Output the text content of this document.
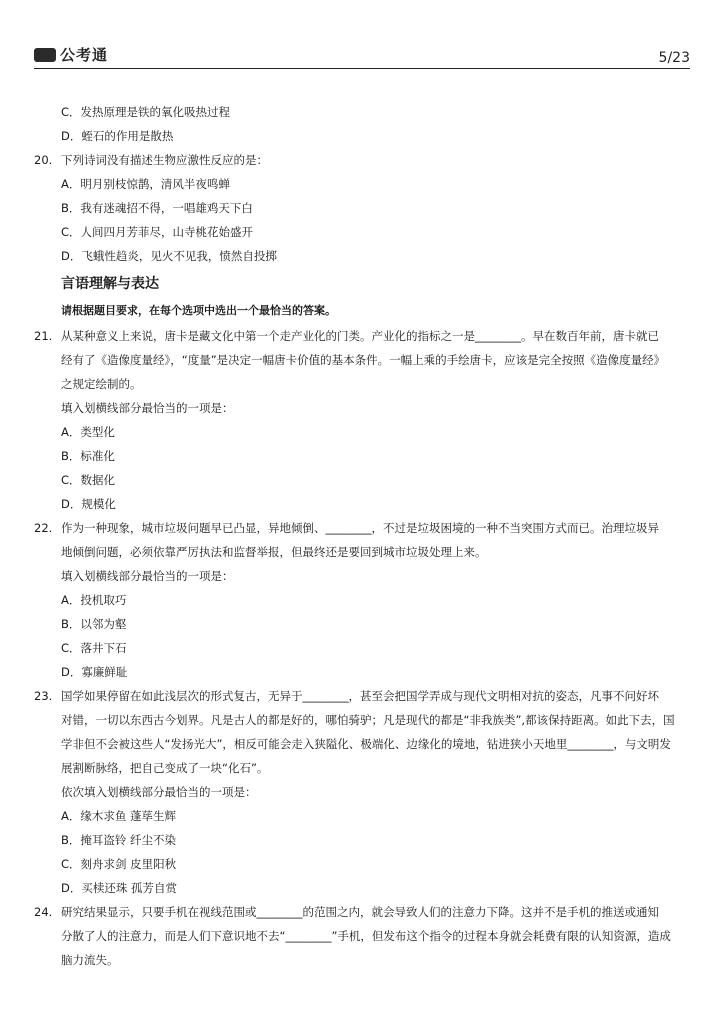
公考通	5/23
C．发热原理是铁的氧化吸热过程
D．蛭石的作用是散热
20. 下列诗词没有描述生物应激性反应的是：
A．明月别枝惊鹊，清风半夜鸣蝉
B．我有迷魂招不得，一唱雄鸡天下白
C．人间四月芳菲尽，山寺桃花始盛开
D．飞蛾性趋炎，见火不见我，愤然自投掷
言语理解与表达
请根据题目要求，在每个选项中选出一个最恰当的答案。
21. 从某种意义上来说，唐卡是藏文化中第一个走产业化的门类。产业化的指标之一是________。早在数百年前，唐卡就已
经有了《造像度量经》，“度量”是决定一幅唐卡价值的基本条件。一幅上乘的手绘唐卡，应该是完全按照《造像度量经》
之规定绘制的。
填入划横线部分最恰当的一项是：
A．类型化
B．标准化
C．数据化
D．规模化
22. 作为一种现象，城市垃圾问题早已凸显，异地倾倒、________，不过是垃圾困境的一种不当突围方式而已。治理垃圾异
地倾倒问题，必须依靠严厉执法和监督举报，但最终还是要回到城市垃圾处理上来。
填入划横线部分最恰当的一项是：
A．投机取巧
B．以邻为壑
C．落井下石
D．寡廉鲜耻
23. 国学如果停留在如此浅层次的形式复古，无异于________，甚至会把国学弄成与现代文明相对抗的姿态，凡事不问好坏
对错，一切以东西古今划界。凡是古人的都是好的，哪怕骑驴；凡是现代的都是“非我族类”,都该保持距离。如此下去，国
学非但不会被这些人“发扬光大”，相反可能会走入狭隘化、极端化、边缘化的境地，钻进狭小天地里________，与文明发
展割断脉络，把自己变成了一块“化石”。
依次填入划横线部分最恰当的一项是：
A．缘木求鱼 蓬荜生辉
B．掩耳盗铃 纤尘不染
C．刻舟求剑 皮里阳秋
D．买椟还珠 孤芳自赏
24. 研究结果显示，只要手机在视线范围或________的范围之内，就会导致人们的注意力下降。这并不是手机的推送或通知
分散了人的注意力，而是人们下意识地不去“________”手机，但发布这个指令的过程本身就会耗费有限的认知资源，造成
脑力流失。
